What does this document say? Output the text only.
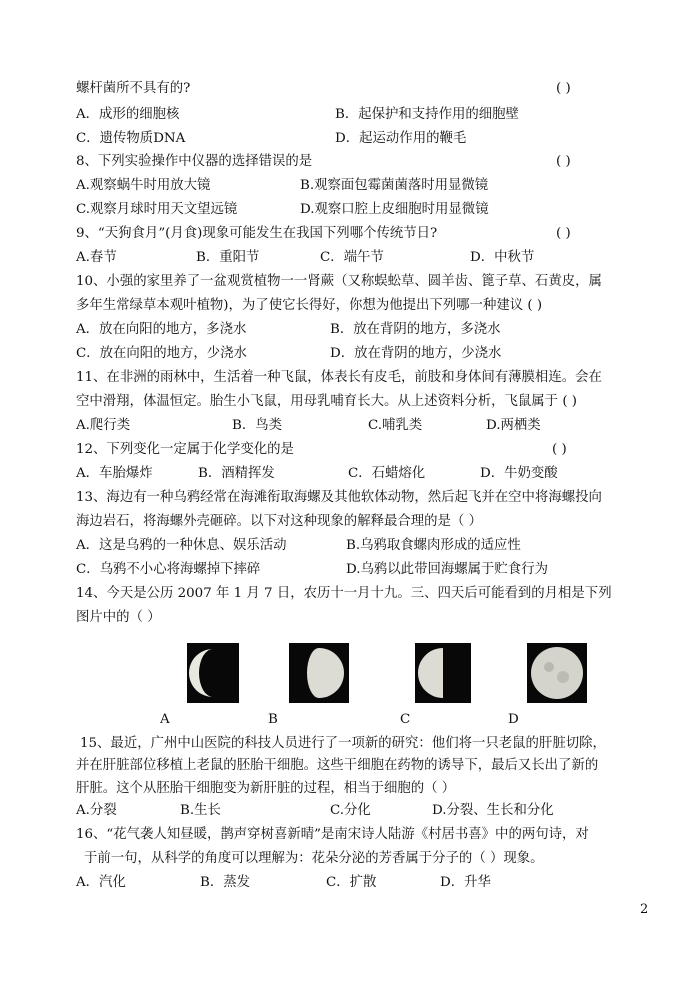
螺杆菌所不具有的?	( )
A．成形的细胞核	B．起保护和支持作用的细胞壁
C．遗传物质DNA	D．起运动作用的鞭毛
8、下列实验操作中仪器的选择错误的是	( )
A.观察蜗牛时用放大镜	B.观察面包霉菌菌落时用显微镜
C.观察月球时用天文望远镜	D.观察口腔上皮细胞时用显微镜
9、“天狗食月”(月食)现象可能发生在我国下列哪个传统节日?	( )
A.春节	B．重阳节	C．端午节	D．中秋节
10、小强的家里养了一盆观赏植物一一肾蕨（又称蜈蚣草、圆羊齿、篦子草、石黄皮，属
多年生常绿草本观叶植物)，为了使它长得好，你想为他提出下列哪一种建议 ( )
A．放在向阳的地方，多浇水	B．放在背阴的地方，多浇水
C．放在向阳的地方，少浇水	D．放在背阴的地方，少浇水
11、在非洲的雨林中，生活着一种飞鼠，体表长有皮毛，前肢和身体间有薄膜相连。会在
空中滑翔，体温恒定。胎生小飞鼠，用母乳哺育长大。从上述资料分析，飞鼠属于 ( )
A.爬行类	B．鸟类	C.哺乳类	D.两栖类
12、下列变化一定属于化学变化的是	( )
A．车胎爆炸	B．酒精挥发	C．石蜡熔化	D．牛奶变酸
13、海边有一种乌鸦经常在海滩衔取海螺及其他软体动物，然后起飞并在空中将海螺投向
海边岩石，将海螺外壳砸碎。以下对这种现象的解释最合理的是（ ）
A．这是乌鸦的一种休息、娱乐活动	B.乌鸦取食螺肉形成的适应性
C．乌鸦不小心将海螺掉下摔碎	D.乌鸦以此带回海螺属于贮食行为
14、今天是公历 2007 年 1 月 7 日，农历十一月十九。三、四天后可能看到的月相是下列
图片中的（ ）
A	B	C	D
15、最近，广州中山医院的科技人员进行了一项新的研究：他们将一只老鼠的肝脏切除，
并在肝脏部位移植上老鼠的胚胎干细胞。这些干细胞在药物的诱导下，最后又长出了新的
肝脏。这个从胚胎干细胞变为新肝脏的过程，相当于细胞的（ ）
A.分裂	B.生长	C.分化	D.分裂、生长和分化
16、“花气袭人知昼暖，鹊声穿树喜新晴”是南宋诗人陆游《村居书喜》中的两句诗，对
于前一句，从科学的角度可以理解为：花朵分泌的芳香属于分子的（ ）现象。
A．汽化	B．蒸发	C．扩散	D．升华
2
